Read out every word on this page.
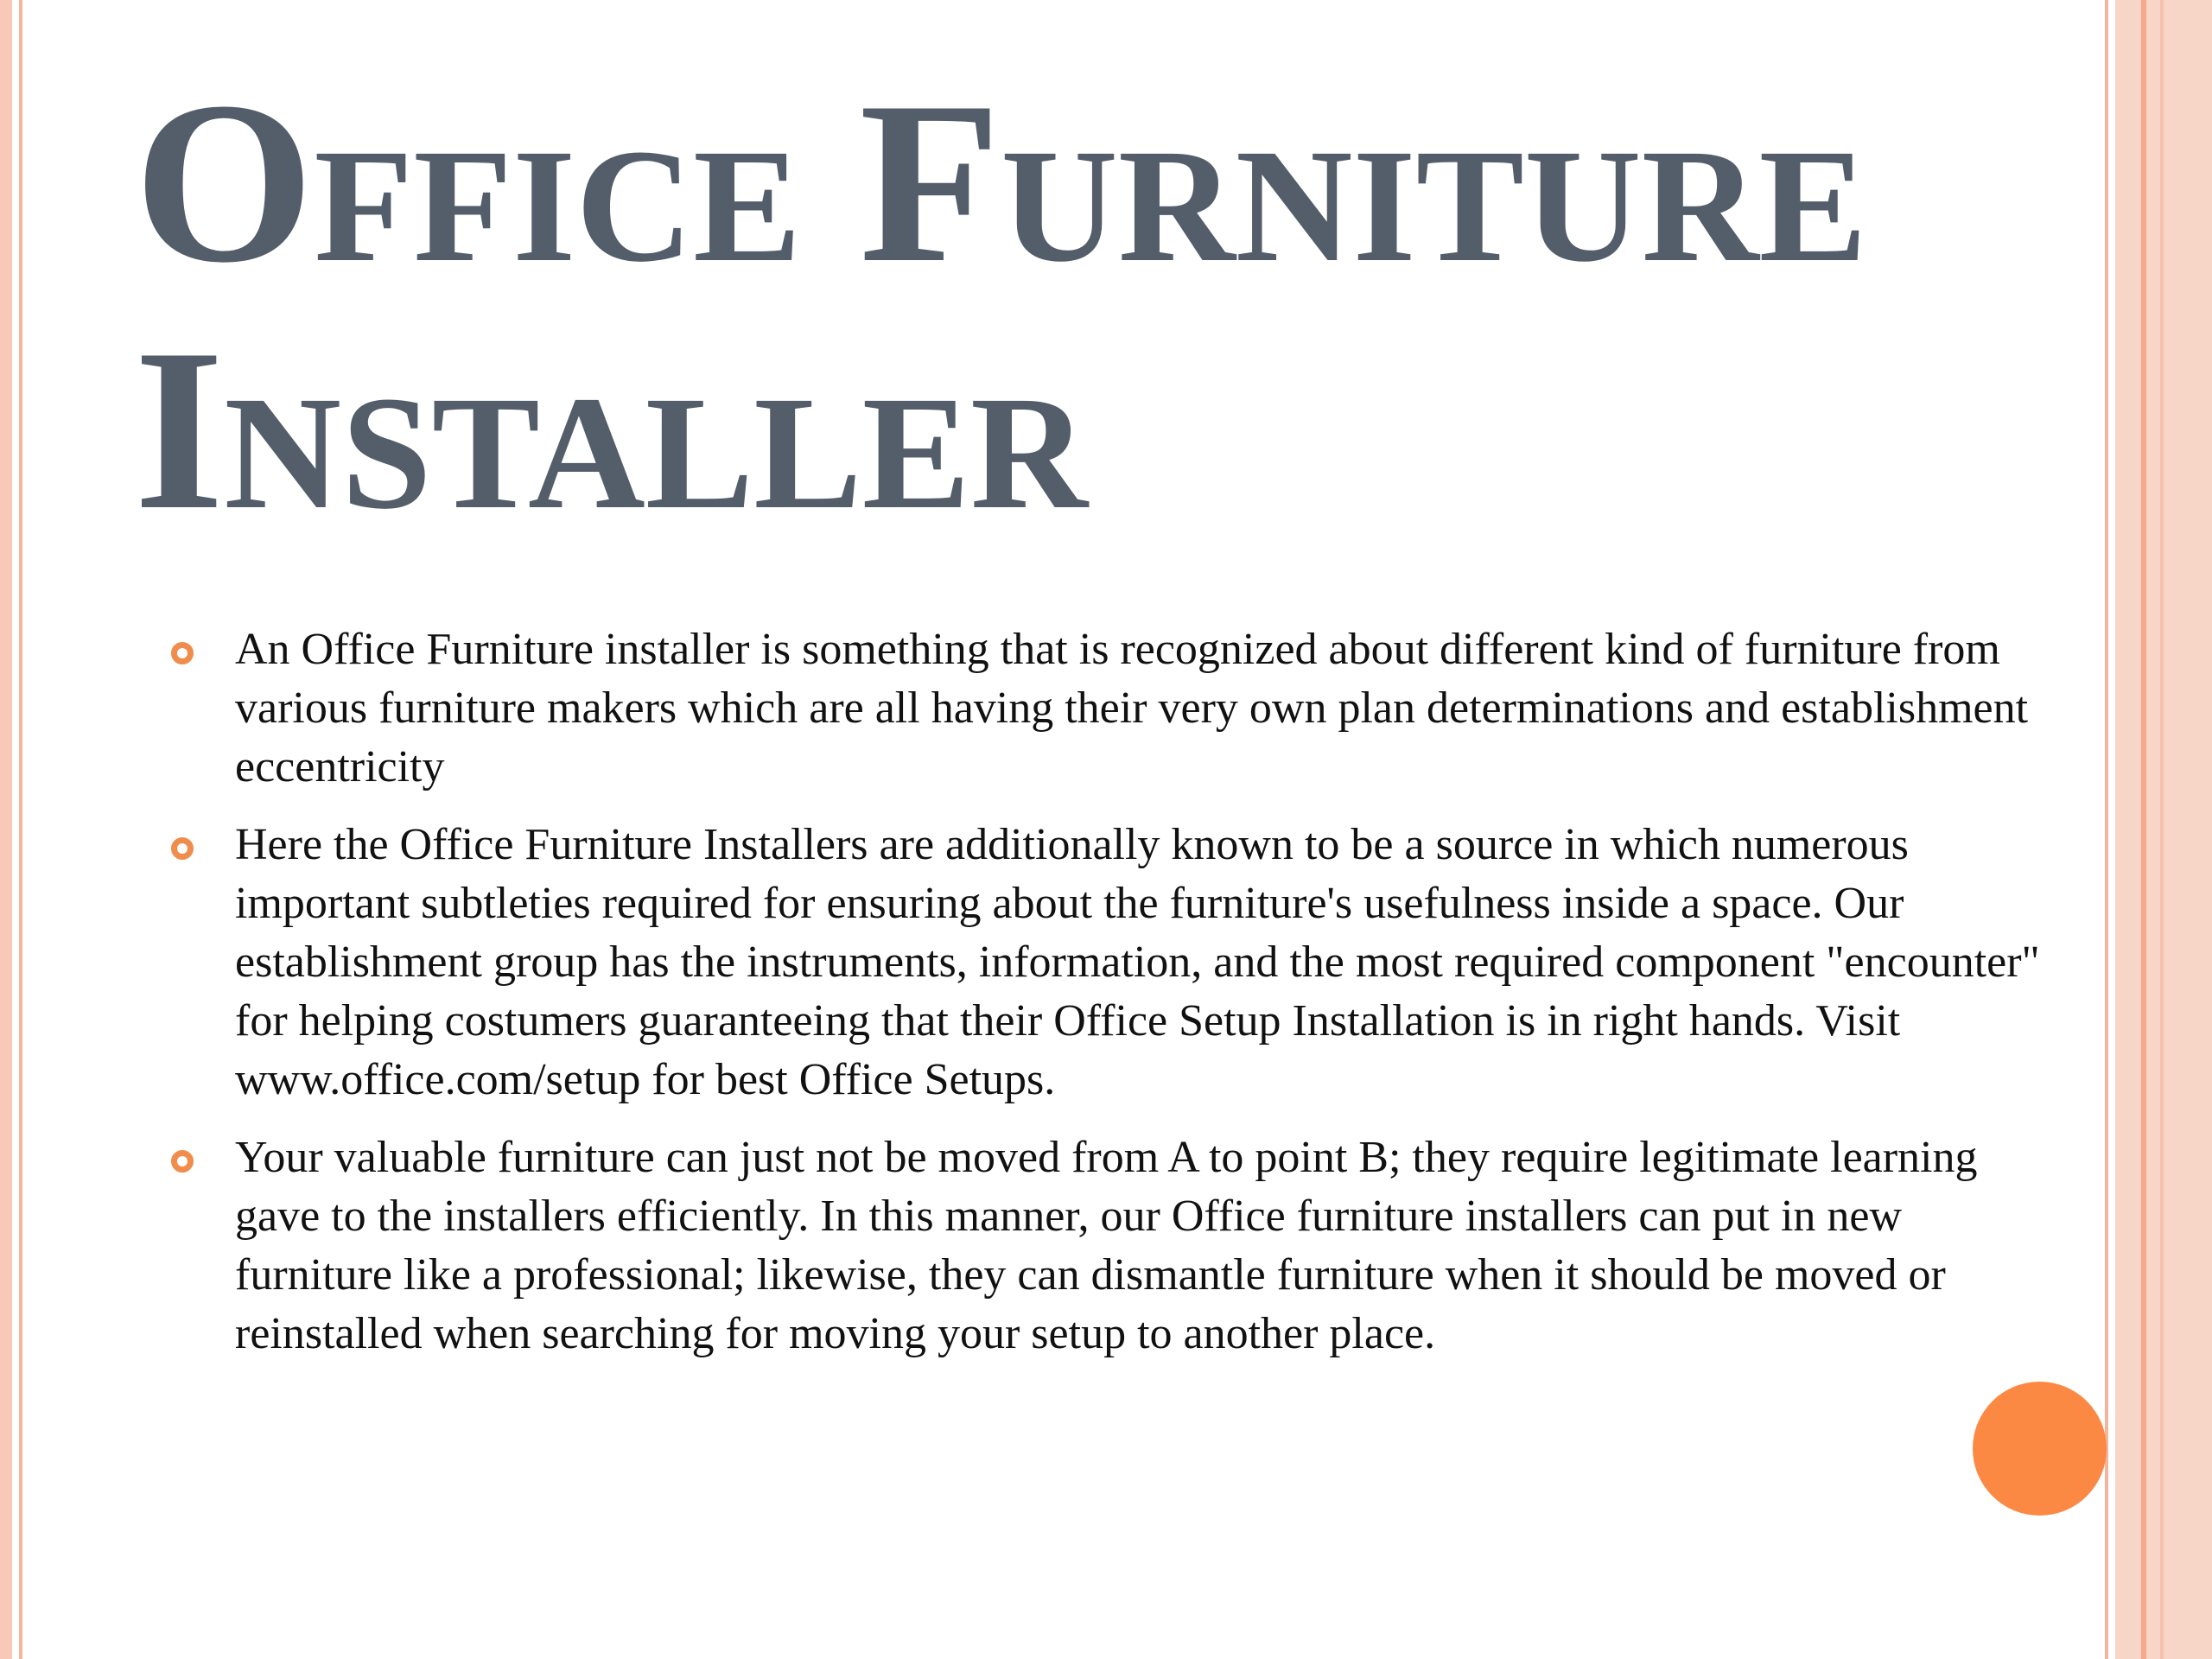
Office Furniture Installer
An Office Furniture installer is something that is recognized about different kind of furniture from various furniture makers which are all having their very own plan determinations and establishment eccentricity
Here the Office Furniture Installers are additionally known to be a source in which numerous important subtleties required for ensuring about the furniture's usefulness inside a space. Our establishment group has the instruments, information, and the most required component "encounter" for helping costumers guaranteeing that their Office Setup Installation is in right hands. Visit www.office.com/setup for best Office Setups.
Your valuable furniture can just not be moved from A to point B; they require legitimate learning gave to the installers efficiently. In this manner, our Office furniture installers can put in new furniture like a professional; likewise, they can dismantle furniture when it should be moved or reinstalled when searching for moving your setup to another place.
